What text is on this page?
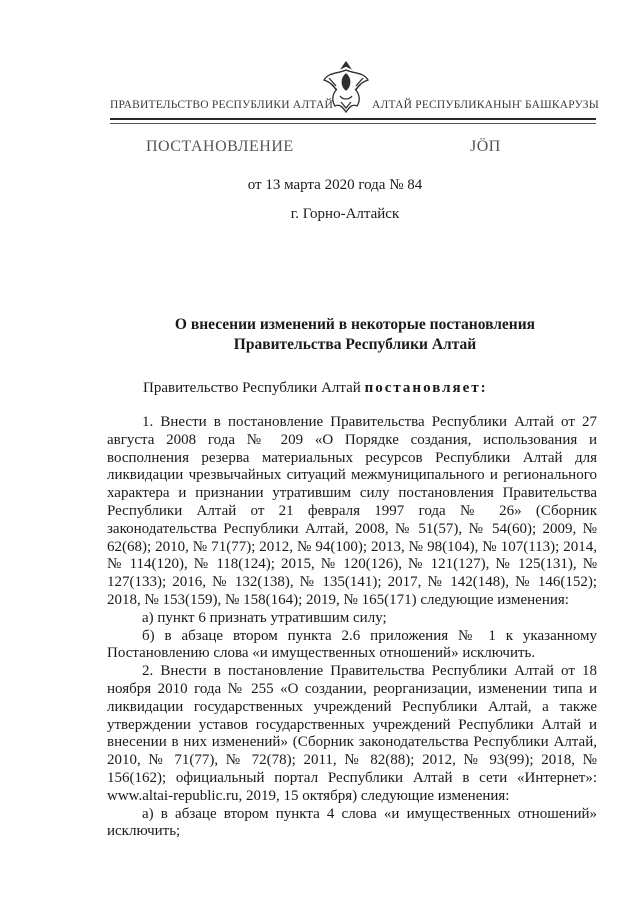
ПРАВИТЕЛЬСТВО РЕСПУБЛИКИ АЛТАЙ	АЛТАЙ РЕСПУБЛИКАНЫҤ БАШКАРУЗЫ
ПОСТАНОВЛЕНИЕ	ЈӦП
от 13 марта 2020 года № 84
г. Горно-Алтайск
О внесении изменений в некоторые постановления Правительства Республики Алтай
Правительство Республики Алтай постановляет:

1. Внести в постановление Правительства Республики Алтай от 27 августа 2008 года № 209 «О Порядке создания, использования и восполнения резерва материальных ресурсов Республики Алтай для ликвидации чрезвычайных ситуаций межмуниципального и регионального характера и признании утратившим силу постановления Правительства Республики Алтай от 21 февраля 1997 года № 26» (Сборник законодательства Республики Алтай, 2008, № 51(57), № 54(60); 2009, № 62(68); 2010, № 71(77); 2012, № 94(100); 2013, № 98(104), № 107(113); 2014, № 114(120), № 118(124); 2015, № 120(126), № 121(127), № 125(131), № 127(133); 2016, № 132(138), № 135(141); 2017, № 142(148), № 146(152); 2018, № 153(159), № 158(164); 2019, № 165(171) следующие изменения:

а) пункт 6 признать утратившим силу;

б) в абзаце втором пункта 2.6 приложения № 1 к указанному Постановлению слова «и имущественных отношений» исключить.

2. Внести в постановление Правительства Республики Алтай от 18 ноября 2010 года № 255 «О создании, реорганизации, изменении типа и ликвидации государственных учреждений Республики Алтай, а также утверждении уставов государственных учреждений Республики Алтай и внесении в них изменений» (Сборник законодательства Республики Алтай, 2010, № 71(77), № 72(78); 2011, № 82(88); 2012, № 93(99); 2018, № 156(162); официальный портал Республики Алтай в сети «Интернет»: www.altai-republic.ru, 2019, 15 октября) следующие изменения:

а) в абзаце втором пункта 4 слова «и имущественных отношений» исключить;
